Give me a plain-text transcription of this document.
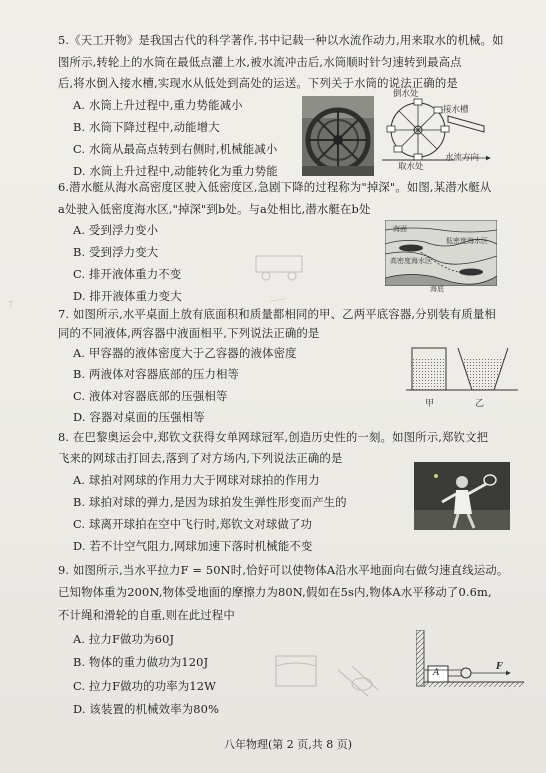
7	——
5.《天工开物》是我国古代的科学著作,书中记载一种以水流作动力,用来取水的机械。如
图所示,转轮上的水筒在最低点灌上水,被水流冲击后,水筒顺时针匀速转到最高点
后,将水倒入接水槽,实现水从低处到高处的运送。下列关于水筒的说法正确的是
A. 水筒上升过程中,重力势能减小
B. 水筒下降过程中,动能增大
C. 水筒从最高点转到右侧时,机械能减小
D. 水筒上升过程中,动能转化为重力势能
倒水处
接水槽
取水处
水流方向
6.潜水艇从海水高密度区驶入低密度区,急剧下降的过程称为"掉深"。如图,某潜水艇从
a处驶入低密度海水区,"掉深"到b处。与a处相比,潜水艇在b处
A. 受到浮力变小
B. 受到浮力变大
C. 排开液体重力不变
D. 排开液体重力变大
海面
低密度海水区
高密度海水区
海底
7. 如图所示,水平桌面上放有底面积和质量都相同的甲、乙两平底容器,分别装有质量相
同的不同液体,两容器中液面相平,下列说法正确的是
A. 甲容器的液体密度大于乙容器的液体密度
B. 两液体对容器底部的压力相等
C. 液体对容器底部的压强相等
D. 容器对桌面的压强相等
甲	乙
8. 在巴黎奥运会中,郑钦文获得女单网球冠军,创造历史性的一刻。如图所示,郑钦文把
飞来的网球击打回去,落到了对方场内,下列说法正确的是
A. 球拍对网球的作用力大于网球对球拍的作用力
B. 球拍对球的弹力,是因为球拍发生弹性形变而产生的
C. 球离开球拍在空中飞行时,郑钦文对球做了功
D. 若不计空气阻力,网球加速下落时机械能不变
9. 如图所示,当水平拉力F = 50N时,恰好可以使物体A沿水平地面向右做匀速直线运动。
已知物体重为200N,物体受地面的摩擦力为80N,假如在5s内,物体A水平移动了0.6m,
不计绳和滑轮的自重,则在此过程中
A. 拉力F做功为60J
B. 物体的重力做功为120J
C. 拉力F做功的功率为12W
D. 该装置的机械效率为80%
A
F
八年物理(第 2 页,共 8 页)
